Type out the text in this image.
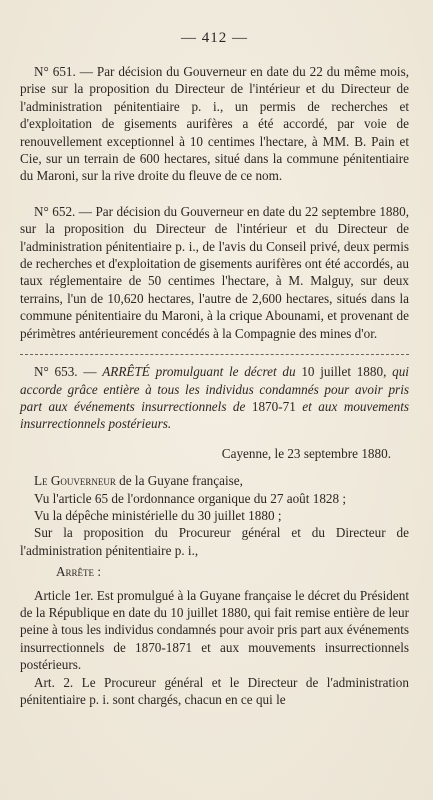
— 412 —

N° 651. — Par décision du Gouverneur en date du 22 du même mois, prise sur la proposition du Directeur de l'intérieur et du Directeur de l'administration pénitentiaire p. i., un permis de recherches et d'exploitation de gisements aurifères a été accordé, par voie de renouvellement exceptionnel à 10 centimes l'hectare, à MM. B. Pain et Cie, sur un terrain de 600 hectares, situé dans la commune pénitentiaire du Maroni, sur la rive droite du fleuve de ce nom.

N° 652. — Par décision du Gouverneur en date du 22 septembre 1880, sur la proposition du Directeur de l'intérieur et du Directeur de l'administration pénitentiaire p. i., de l'avis du Conseil privé, deux permis de recherches et d'exploitation de gisements aurifères ont été accordés, au taux réglementaire de 50 centimes l'hectare, à M. Malguy, sur deux terrains, l'un de 10,620 hectares, l'autre de 2,600 hectares, situés dans la commune pénitentiaire du Maroni, à la crique Abounami, et provenant de périmètres antérieurement concédés à la Compagnie des mines d'or.

N° 653. — ARRÊTÉ promulguant le décret du 10 juillet 1880, qui accorde grâce entière à tous les individus condamnés pour avoir pris part aux événements insurrectionnels de 1870-71 et aux mouvements insurrectionnels postérieurs.

Cayenne, le 23 septembre 1880.

Le Gouverneur de la Guyane française,

Vu l'article 65 de l'ordonnance organique du 27 août 1828 ;

Vu la dépêche ministérielle du 30 juillet 1880 ;

Sur la proposition du Procureur général et du Directeur de l'administration pénitentiaire p. i.,

Arrête :

Article 1er. Est promulgué à la Guyane française le décret du Président de la République en date du 10 juillet 1880, qui fait remise entière de leur peine à tous les individus condamnés pour avoir pris part aux événements insurrectionnels de 1870-1871 et aux mouvements insurrectionnels postérieurs.

Art. 2. Le Procureur général et le Directeur de l'administration pénitentiaire p. i. sont chargés, chacun en ce qui le
